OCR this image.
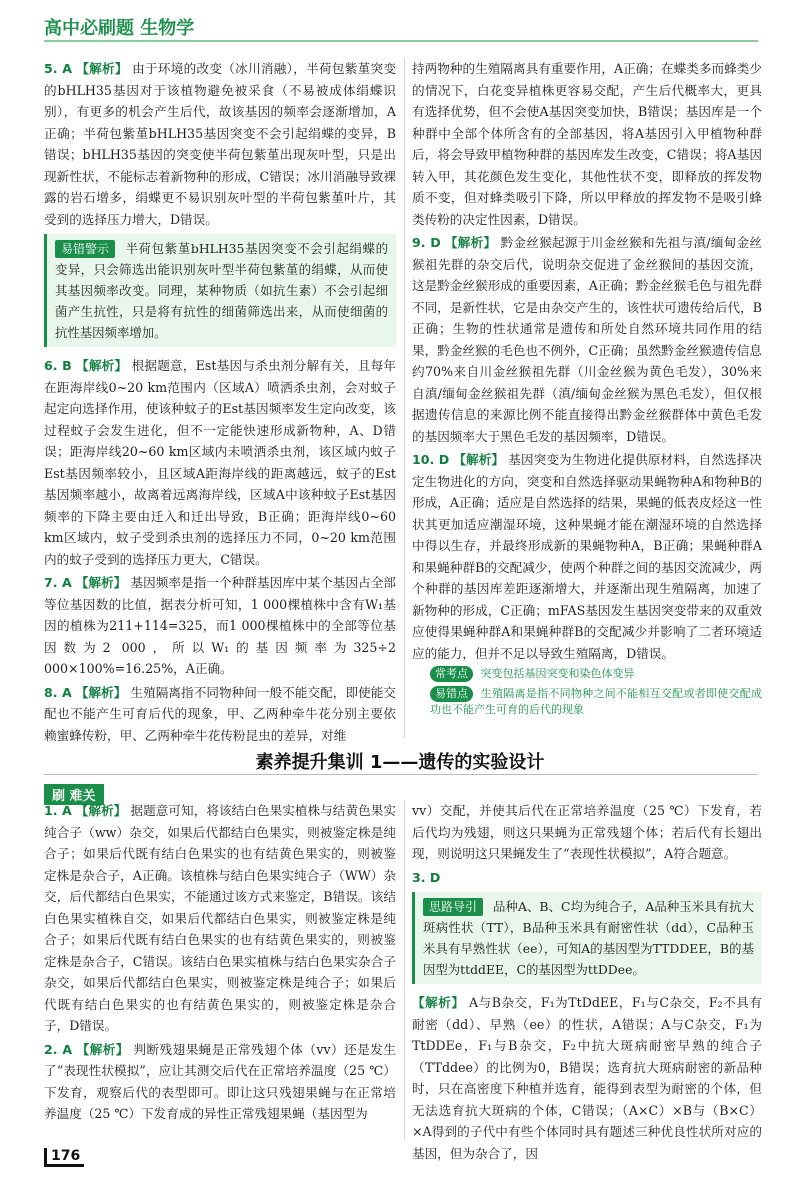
高中必刷题 生物学
5. A 【解析】 由于环境的改变（冰川消融），半荷包紫堇突变的bHLH35基因对于该植物避免被采食（不易被成体绢蝶识别），有更多的机会产生后代，故该基因的频率会逐渐增加，A正确；半荷包紫堇bHLH35基因突变不会引起绢蝶的变异，B错误；bHLH35基因的突变使半荷包紫堇出现灰叶型，只是出现新性状，不能标志着新物种的形成，C错误；冰川消融导致裸露的岩石增多，绢蝶更不易识别灰叶型的半荷包紫堇叶片，其受到的选择压力增大，D错误。
易错警示 半荷包紫堇bHLH35基因突变不会引起绢蝶的变异，只会筛选出能识别灰叶型半荷包紫堇的绢蝶，从而使其基因频率改变。同理，某种物质（如抗生素）不会引起细菌产生抗性，只是将有抗性的细菌筛选出来，从而使细菌的抗性基因频率增加。
6. B 【解析】 根据题意，Est基因与杀虫剂分解有关，且每年在距海岸线0~20 km范围内（区域A）喷洒杀虫剂，会对蚊子起定向选择作用，使该种蚊子的Est基因频率发生定向改变，该过程蚊子会发生进化，但不一定能快速形成新物种，A、D错误；距海岸线20~60 km区域内未喷洒杀虫剂，该区域内蚊子Est基因频率较小，且区域A距海岸线的距离越远，蚊子的Est基因频率越小，故离着远离海岸线，区域A中该种蚊子Est基因频率的下降主要由迁入和迁出导致，B正确；距海岸线0~60 km区域内，蚊子受到杀虫剂的选择压力不同，0~20 km范围内的蚊子受到的选择压力更大，C错误。
7. A 【解析】 基因频率是指一个种群基因库中某个基因占全部等位基因数的比值，据表分析可知，1 000棵植株中含有W₁基因的植株为211+114=325，而1 000棵植株中的全部等位基因数为2 000，所以W₁的基因频率为325÷2 000×100%=16.25%，A正确。
8. A 【解析】 生殖隔离指不同物种间一般不能交配，即使能交配也不能产生可育后代的现象，甲、乙两种牵牛花分别主要依赖蜜蜂传粉，甲、乙两种牵牛花传粉昆虫的差异，对维
持两物种的生殖隔离具有重要作用，A正确；在蝶类多而蜂类少的情况下，白花变异植株更容易交配，产生后代概率大，更具有选择优势，但不会使A基因突变加快，B错误；基因库是一个种群中全部个体所含有的全部基因，将A基因引入甲植物种群后，将会导致甲植物种群的基因库发生改变，C错误；将A基因转入甲，其花颜色发生变化，其他性状不变，即释放的挥发物质不变，但对蜂类吸引下降，所以甲释放的挥发物不是吸引蜂类传粉的决定性因素，D错误。
9. D 【解析】 黔金丝猴起源于川金丝猴和先祖与滇/缅甸金丝猴祖先群的杂交后代，说明杂交促进了金丝猴间的基因交流，这是黔金丝猴形成的重要因素，A正确；黔金丝猴毛色与祖先群不同，是新性状，它是由杂交产生的，该性状可遗传给后代，B正确；生物的性状通常是遗传和所处自然环境共同作用的结果，黔金丝猴的毛色也不例外，C正确；虽然黔金丝猴遗传信息约70%来自川金丝猴祖先群（川金丝猴为黄色毛发），30%来自滇/缅甸金丝猴祖先群（滇/缅甸金丝猴为黑色毛发），但仅根据遗传信息的来源比例不能直接得出黔金丝猴群体中黄色毛发的基因频率大于黑色毛发的基因频率，D错误。
10. D 【解析】 基因突变为生物进化提供原材料，自然选择决定生物进化的方向，突变和自然选择驱动果蝇物种A和物种B的形成，A正确；适应是自然选择的结果，果蝇的低表皮烃这一性状其更加适应潮湿环境，这种果蝇才能在潮湿环境的自然选择中得以生存，并最终形成新的果蝇物种A，B正确；果蝇种群A和果蝇种群B的交配减少，使两个种群之间的基因交流减少，两个种群的基因库差距逐渐增大，并逐渐出现生殖隔离，加速了新物种的形成，C正确；mFAS基因发生基因突变带来的双重效应使得果蝇种群A和果蝇种群B的交配减少并影响了二者环境适应的能力，但并不足以导致生殖隔离，D错误。
常考点 突变包括基因突变和染色体变异
易错点 生殖隔离是指不同物种之间不能相互交配或者即使交配成功也不能产生可育的后代的现象
素养提升集训 1——遗传的实验设计
刷 难关
1. A 【解析】 据题意可知，将该结白色果实植株与结黄色果实纯合子（ww）杂交，如果后代都结白色果实，则被鉴定株是纯合子；如果后代既有结白色果实的也有结黄色果实的，则被鉴定株是杂合子，A正确。该植株与结白色果实纯合子（WW）杂交，后代都结白色果实，不能通过该方式来鉴定，B错误。该结白色果实植株自交，如果后代都结白色果实，则被鉴定株是纯合子；如果后代既有结白色果实的也有结黄色果实的，则被鉴定株是杂合子，C错误。该结白色果实植株与结白色果实杂合子杂交，如果后代都结白色果实，则被鉴定株是纯合子；如果后代既有结白色果实的也有结黄色果实的，则被鉴定株是杂合子，D错误。
2. A 【解析】 判断残翅果蝇是正常残翅个体（vv）还是发生了“表现性状模拟”，应让其测交后代在正常培养温度（25 ℃）下发育，观察后代的表型即可。即让这只残翅果蝇与在正常培养温度（25 ℃）下发育成的异性正常残翅果蝇（基因型为
vv）交配，并使其后代在正常培养温度（25 ℃）下发育，若后代均为残翅，则这只果蝇为正常残翅个体；若后代有长翅出现，则说明这只果蝇发生了“表现性状模拟”，A符合题意。
3. D
思路导引 品种A、B、C均为纯合子，A品种玉米具有抗大斑病性状（TT），B品种玉米具有耐密性状（dd），C品种玉米具有早熟性状（ee），可知A的基因型为TTDDEE，B的基因型为ttddEE，C的基因型为ttDDee。
【解析】 A与B杂交，F₁为TtDdEE，F₁与C杂交，F₂不具有耐密（dd）、早熟（ee）的性状，A错误；A与C杂交，F₁为TtDDEe，F₁与B杂交，F₂中抗大斑病耐密早熟的纯合子（TTddee）的比例为0，B错误；选育抗大斑病耐密的新品种时，只在高密度下种植并选育，能得到表型为耐密的个体，但无法选育抗大斑病的个体，C错误；（A×C）×B与（B×C）×A得到的子代中有些个体同时具有题述三种优良性状所对应的基因，但为杂合了，因
176
